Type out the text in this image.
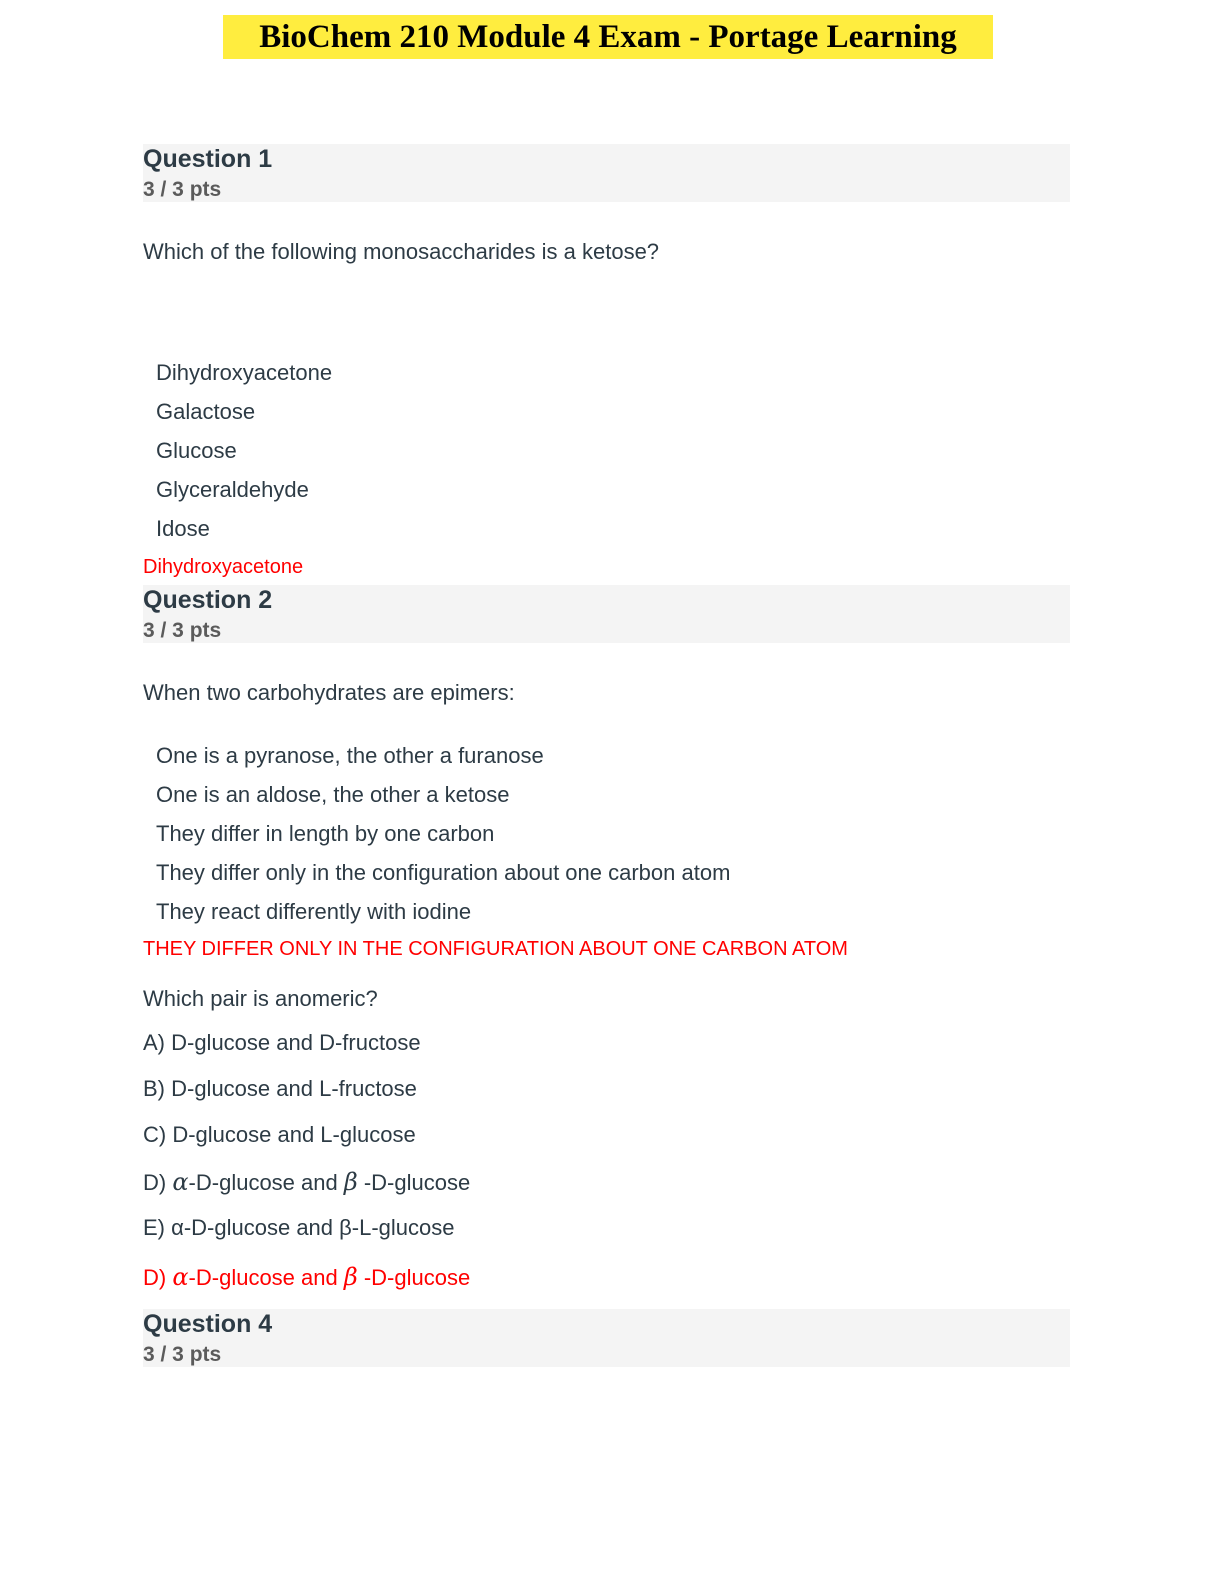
BioChem 210 Module 4 Exam - Portage Learning
Question 1
3 / 3 pts
Which of the following monosaccharides is a ketose?
Dihydroxyacetone
Galactose
Glucose
Glyceraldehyde
Idose
Dihydroxyacetone
Question 2
3 / 3 pts
When two carbohydrates are epimers:
One is a pyranose, the other a furanose
One is an aldose, the other a ketose
They differ in length by one carbon
They differ only in the configuration about one carbon atom
They react differently with iodine
THEY DIFFER ONLY IN THE CONFIGURATION ABOUT ONE CARBON ATOM
Which pair is anomeric?
A) D-glucose and D-fructose
B) D-glucose and L-fructose
C) D-glucose and L-glucose
D) α-D-glucose and β -D-glucose
E) α-D-glucose and β-L-glucose
D) α-D-glucose and β -D-glucose
Question 4
3 / 3 pts
